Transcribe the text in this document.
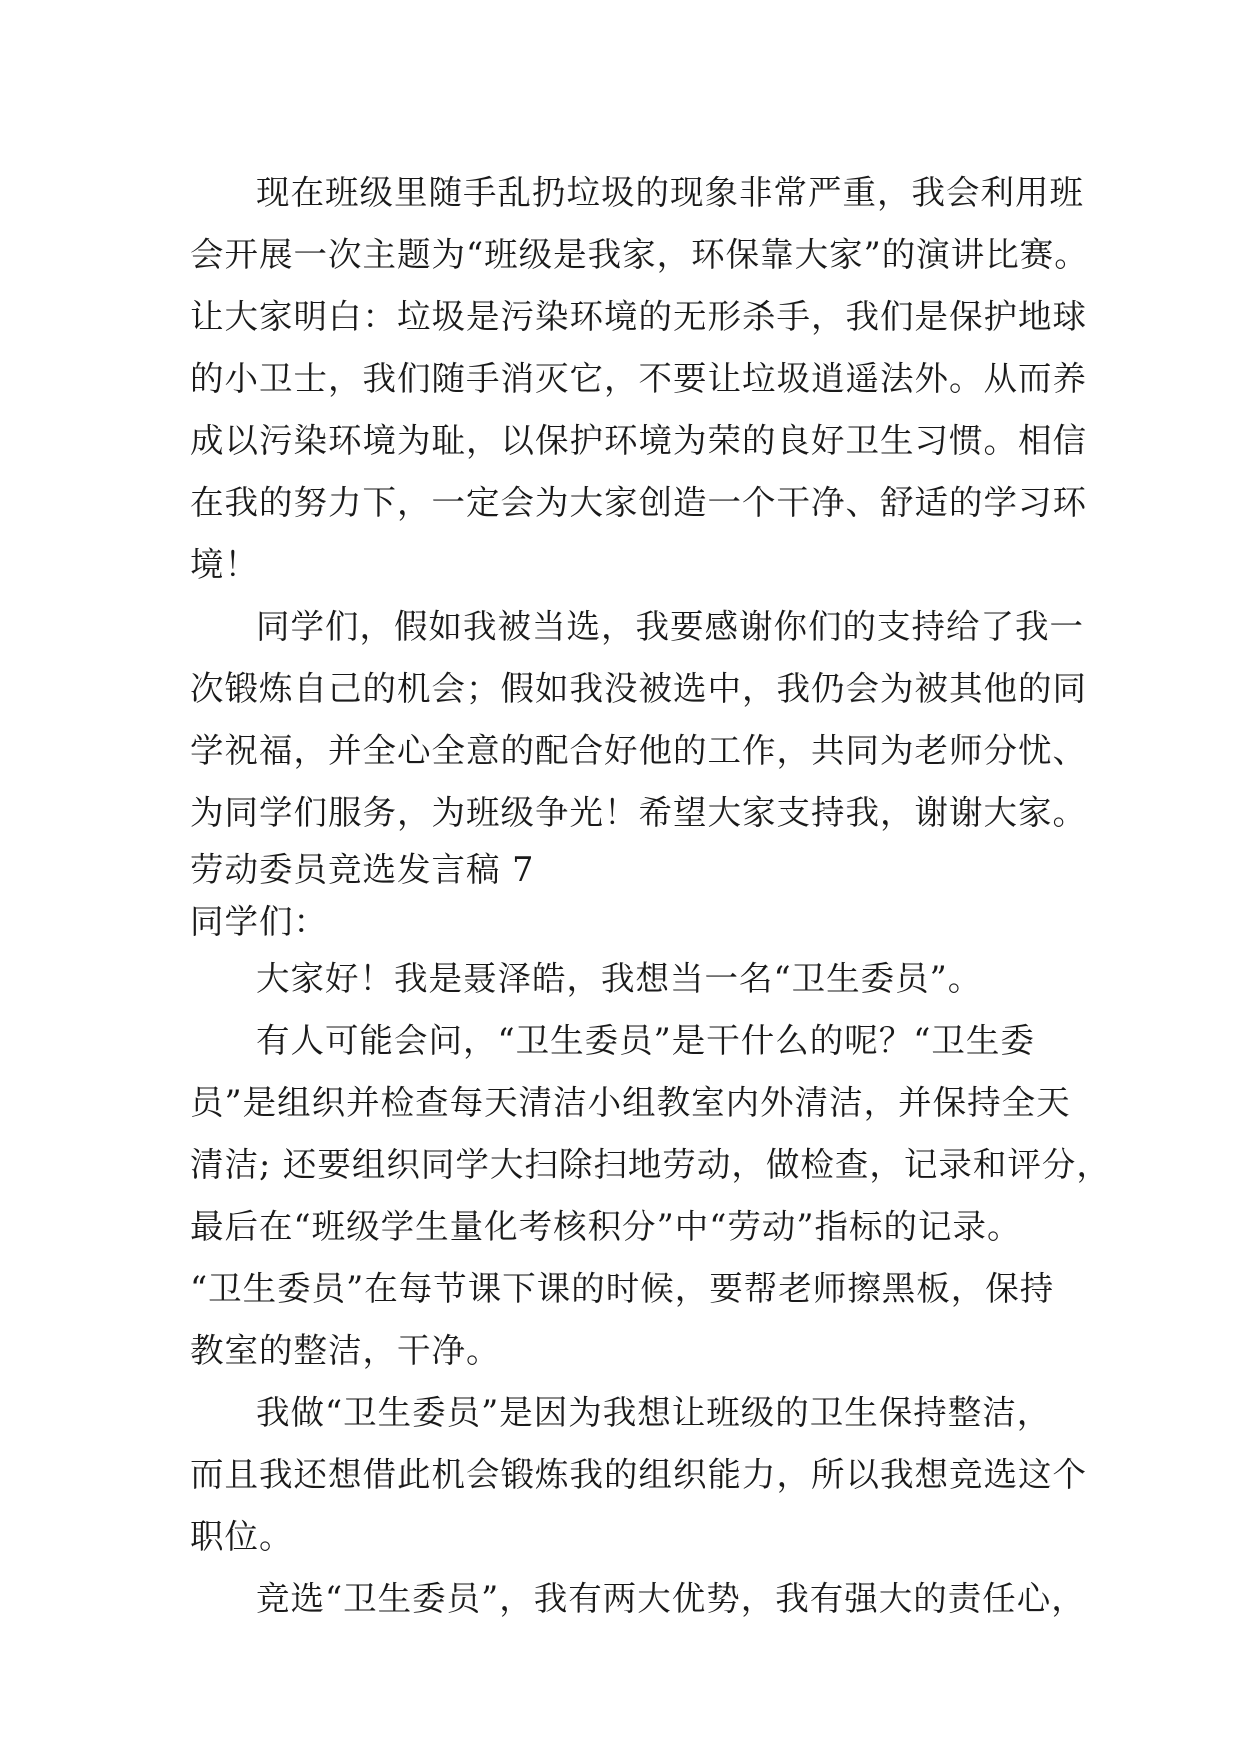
现在班级里随手乱扔垃圾的现象非常严重，我会利用班
会开展一次主题为“班级是我家，环保靠大家”的演讲比赛。
让大家明白：垃圾是污染环境的无形杀手，我们是保护地球
的小卫士，我们随手消灭它，不要让垃圾逍遥法外。从而养
成以污染环境为耻，以保护环境为荣的良好卫生习惯。相信
在我的努力下，一定会为大家创造一个干净、舒适的学习环
境！
同学们，假如我被当选，我要感谢你们的支持给了我一
次锻炼自己的机会；假如我没被选中，我仍会为被其他的同
学祝福，并全心全意的配合好他的工作，共同为老师分忧、
为同学们服务，为班级争光！希望大家支持我，谢谢大家。
劳动委员竞选发言稿 7
同学们：
大家好！我是聂泽皓，我想当一名“卫生委员”。
有人可能会问，“卫生委员”是干什么的呢？“卫生委
员”是组织并检查每天清洁小组教室内外清洁，并保持全天
清洁; 还要组织同学大扫除扫地劳动，做检查，记录和评分，
最后在“班级学生量化考核积分”中“劳动”指标的记录。
“卫生委员”在每节课下课的时候，要帮老师擦黑板，保持
教室的整洁，干净。
我做“卫生委员”是因为我想让班级的卫生保持整洁，
而且我还想借此机会锻炼我的组织能力，所以我想竞选这个
职位。
竞选“卫生委员”，我有两大优势，我有强大的责任心，
